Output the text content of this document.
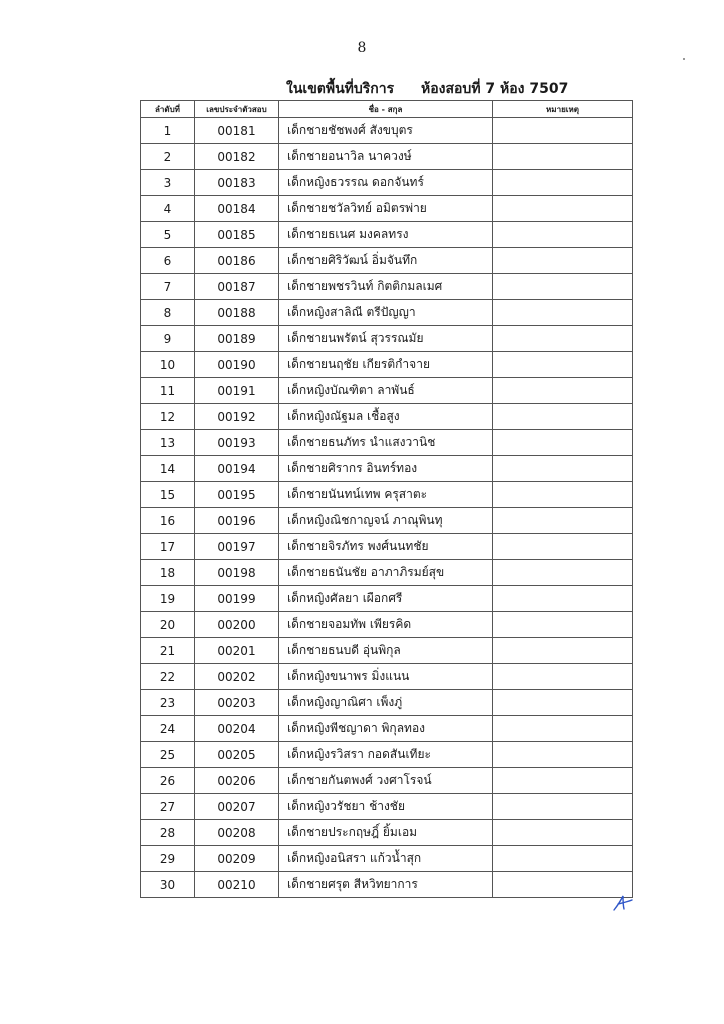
8
ในเขตพื้นที่บริการ ห้องสอบที่ 7 ห้อง 7507
ลำดับที่	เลขประจำตัวสอบ	ชื่อ - สกุล	หมายเหตุ
1	00181	เด็กชายชัชพงศ์ สังขบุตร	
2	00182	เด็กชายอนาวิล นาควงษ์	
3	00183	เด็กหญิงธวรรณ ดอกจันทร์	
4	00184	เด็กชายชวัลวิทย์ อมิตรพ่าย	
5	00185	เด็กชายธเนศ มงคลทรง	
6	00186	เด็กชายศิริวัฒน์ อิ่มจันทึก	
7	00187	เด็กชายพชรวินท์ กิตติกมลเมศ	
8	00188	เด็กหญิงสาลิณี ตรีปัญญา	
9	00189	เด็กชายนพรัตน์ สุวรรณมัย	
10	00190	เด็กชายนฤชัย เกียรติกำจาย	
11	00191	เด็กหญิงบัณฑิตา ลาพันธ์	
12	00192	เด็กหญิงณัฐมล เชื้อสูง	
13	00193	เด็กชายธนภัทร นำแสงวานิช	
14	00194	เด็กชายศิรากร อินทร์ทอง	
15	00195	เด็กชายนันทน์เทพ ครุสาตะ	
16	00196	เด็กหญิงณิชกาญจน์ ภาณุพินทุ	
17	00197	เด็กชายจิรภัทร พงศ์นนทชัย	
18	00198	เด็กชายธนันชัย อาภาภิรมย์สุข	
19	00199	เด็กหญิงศัลยา เผือกศรี	
20	00200	เด็กชายจอมทัพ เพียรคิด	
21	00201	เด็กชายธนบดี อุ่นพิกุล	
22	00202	เด็กหญิงขนาพร มิ่งแนน	
23	00203	เด็กหญิงญาณิศา เพ็งภู่	
24	00204	เด็กหญิงพีชญาดา พิกุลทอง	
25	00205	เด็กหญิงรวิสรา กอดสันเทียะ	
26	00206	เด็กชายกันตพงศ์ วงศาโรจน์	
27	00207	เด็กหญิงวรัชยา ช้างชัย	
28	00208	เด็กชายประกฤษฎิ์ ยิ้มเอม	
29	00209	เด็กหญิงอนิสรา แก้วน้ำสุก	
30	00210	เด็กชายศรุต สีหวิทยาการ	
